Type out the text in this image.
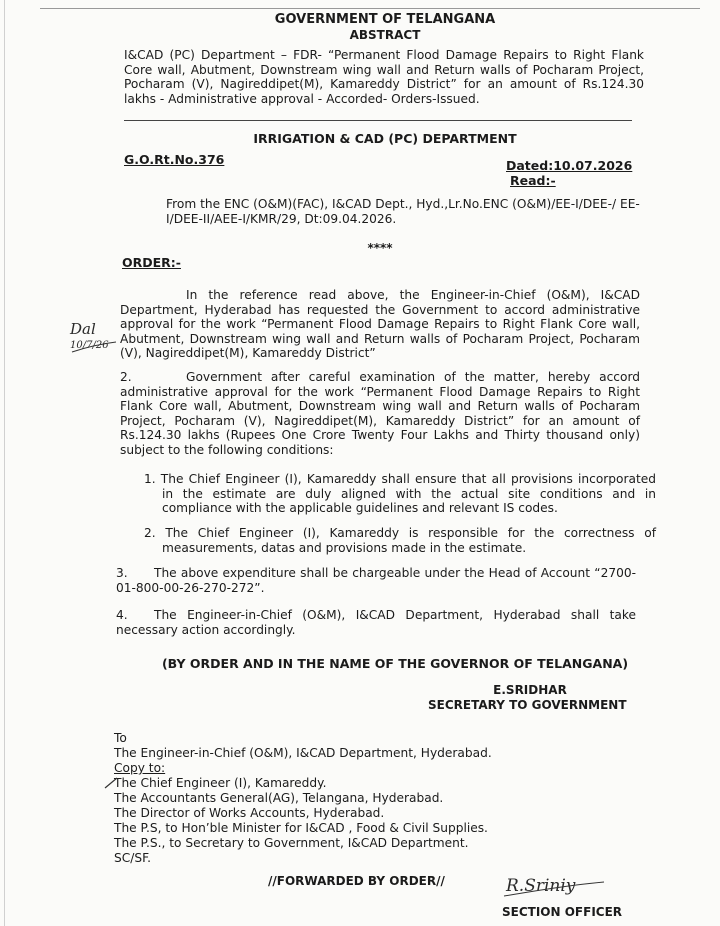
GOVERNMENT OF TELANGANA
ABSTRACT
I&CAD (PC) Department – FDR- “Permanent Flood Damage Repairs to Right Flank Core wall, Abutment, Downstream wing wall and Return walls of Pocharam Project, Pocharam (V), Nagireddipet(M), Kamareddy District” for an amount of Rs.124.30 lakhs - Administrative approval - Accorded- Orders-Issued.
IRRIGATION & CAD (PC) DEPARTMENT
G.O.Rt.No.376	Dated:10.07.2026
Read:-
From the ENC (O&M)(FAC), I&CAD Dept., Hyd.,Lr.No.ENC (O&M)/EE-I/DEE-/ EE-I/DEE-II/AEE-I/KMR/29, Dt:09.04.2026.
****
ORDER:-
In the reference read above, the Engineer-in-Chief (O&M), I&CAD Department, Hyderabad has requested the Government to accord administrative approval for the work “Permanent Flood Damage Repairs to Right Flank Core wall, Abutment, Downstream wing wall and Return walls of Pocharam Project, Pocharam (V), Nagireddipet(M), Kamareddy District”
Dal
10/7/26
2.	Government after careful examination of the matter, hereby accord administrative approval for the work “Permanent Flood Damage Repairs to Right Flank Core wall, Abutment, Downstream wing wall and Return walls of Pocharam Project, Pocharam (V), Nagireddipet(M), Kamareddy District” for an amount of Rs.124.30 lakhs (Rupees One Crore Twenty Four Lakhs and Thirty thousand only) subject to the following conditions:
1. The Chief Engineer (I), Kamareddy shall ensure that all provisions incorporated in the estimate are duly aligned with the actual site conditions and in compliance with the applicable guidelines and relevant IS codes.
2. The Chief Engineer (I), Kamareddy is responsible for the correctness of measurements, datas and provisions made in the estimate.
3.	The above expenditure shall be chargeable under the Head of Account “2700-01-800-00-26-270-272”.
4.	The Engineer-in-Chief (O&M), I&CAD Department, Hyderabad shall take necessary action accordingly.
(BY ORDER AND IN THE NAME OF THE GOVERNOR OF TELANGANA)
E.SRIDHAR
SECRETARY TO GOVERNMENT
To
The Engineer-in-Chief (O&M), I&CAD Department, Hyderabad.
Copy to:
The Chief Engineer (I), Kamareddy.
The Accountants General(AG), Telangana, Hyderabad.
The Director of Works Accounts, Hyderabad.
The P.S, to Hon’ble Minister for I&CAD , Food & Civil Supplies.
The P.S., to Secretary to Government, I&CAD Department.
SC/SF.
//FORWARDED BY ORDER//	R.Sriniy
SECTION OFFICER
